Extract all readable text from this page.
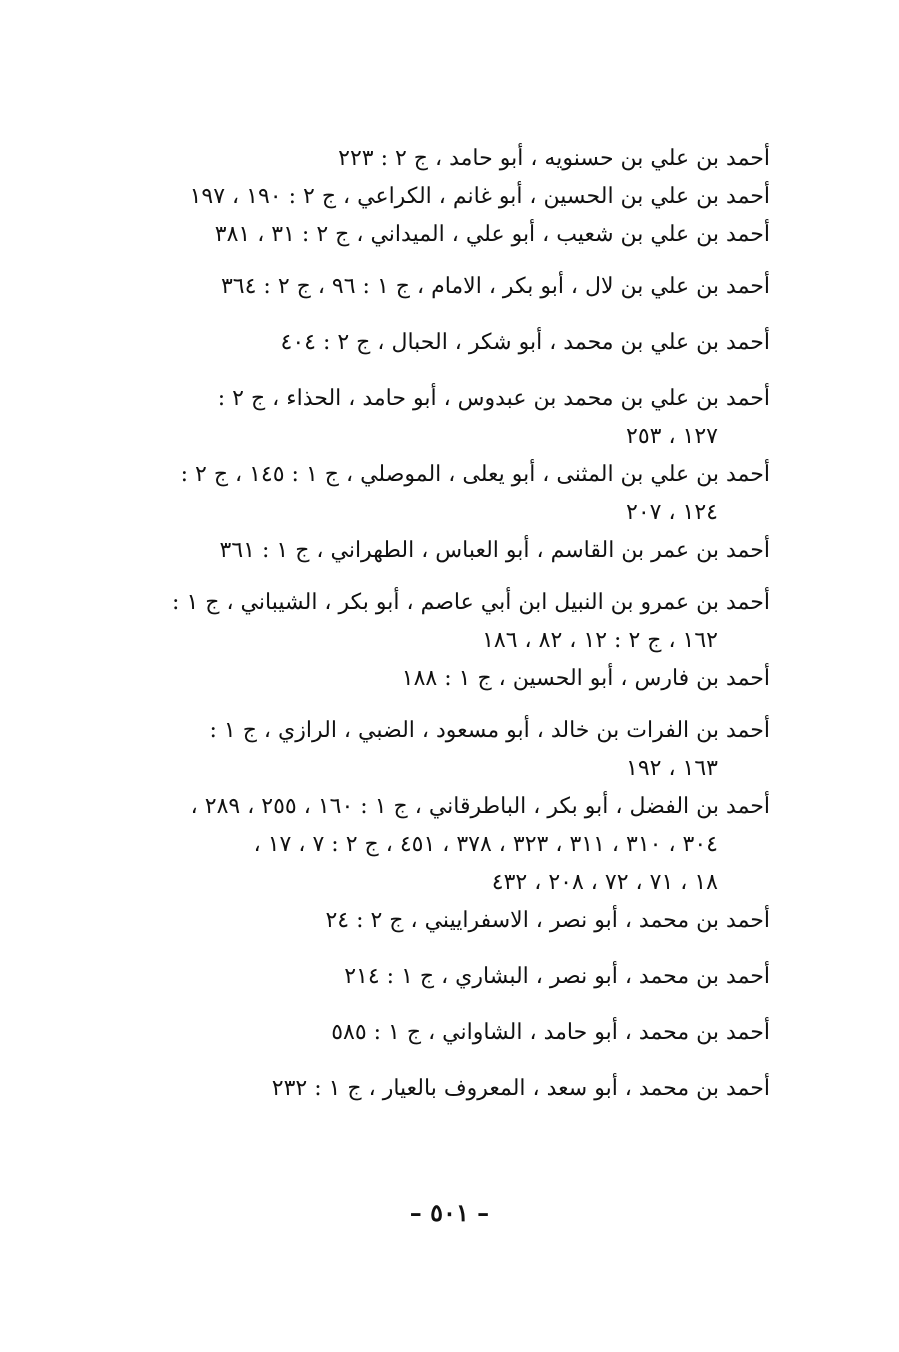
أحمد بن علي بن حسنويه ، أبو حامد ، ج ٢ : ٢٢٣

أحمد بن علي بن الحسين ، أبو غانم ، الكراعي ، ج ٢ : ١٩٠ ، ١٩٧

أحمد بن علي بن شعيب ، أبو علي ، الميداني ، ج ٢ : ٣١ ، ٣٨١

أحمد بن علي بن لال ، أبو بكر ، الامام ، ج ١ : ٩٦ ، ج ٢ : ٣٦٤

أحمد بن علي بن محمد ، أبو شكر ، الحبال ، ج ٢ : ٤٠٤

أحمد بن علي بن محمد بن عبدوس ، أبو حامد ، الحذاء ، ج ٢ :
١٢٧ ، ٢٥٣

أحمد بن علي بن المثنى ، أبو يعلى ، الموصلي ، ج ١ : ١٤٥ ، ج ٢ :
١٢٤ ، ٢٠٧

أحمد بن عمر بن القاسم ، أبو العباس ، الطهراني ، ج ١ : ٣٦١

أحمد بن عمرو بن النبيل ابن أبي عاصم ، أبو بكر ، الشيباني ، ج ١ :
١٦٢ ، ج ٢ : ١٢ ، ٨٢ ، ١٨٦

أحمد بن فارس ، أبو الحسين ، ج ١ : ١٨٨

أحمد بن الفرات بن خالد ، أبو مسعود ، الضبي ، الرازي ، ج ١ :
١٦٣ ، ١٩٢

أحمد بن الفضل ، أبو بكر ، الباطرقاني ، ج ١ : ١٦٠ ، ٢٥٥ ، ٢٨٩ ،
٣٠٤ ، ٣١٠ ، ٣١١ ، ٣٢٣ ، ٣٧٨ ، ٤٥١ ، ج ٢ : ٧ ، ١٧ ،
١٨ ، ٧١ ، ٧٢ ، ٢٠٨ ، ٤٣٢

أحمد بن محمد ، أبو نصر ، الاسفراييني ، ج ٢ : ٢٤

أحمد بن محمد ، أبو نصر ، البشاري ، ج ١ : ٢١٤

أحمد بن محمد ، أبو حامد ، الشاواني ، ج ١ : ٥٨٥

أحمد بن محمد ، أبو سعد ، المعروف بالعيار ، ج ١ : ٢٣٢

– ٥٠١ –
